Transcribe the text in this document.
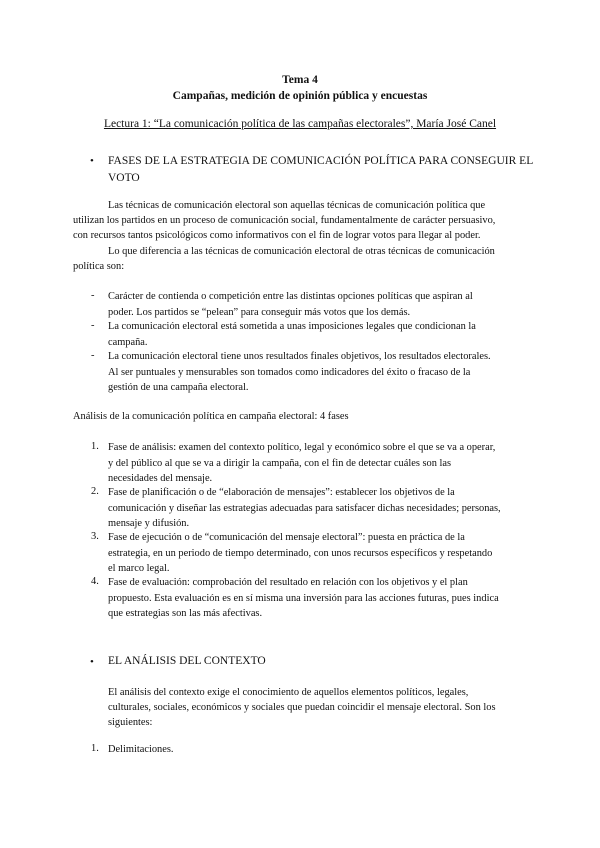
Tema 4
Campañas, medición de opinión pública y encuestas
Lectura 1: “La comunicación política de las campañas electorales”, María José Canel
• FASES DE LA ESTRATEGIA DE COMUNICACIÓN POLÍTICA PARA CONSEGUIR EL
VOTO
Las técnicas de comunicación electoral son aquellas técnicas de comunicación política que
utilizan los partidos en un proceso de comunicación social, fundamentalmente de carácter persuasivo,
con recursos tantos psicológicos como informativos con el fin de lograr votos para llegar al poder.
Lo que diferencia a las técnicas de comunicación electoral de otras técnicas de comunicación
política son:
- Carácter de contienda o competición entre las distintas opciones políticas que aspiran al
poder. Los partidos se “pelean” para conseguir más votos que los demás.
- La comunicación electoral está sometida a unas imposiciones legales que condicionan la
campaña.
- La comunicación electoral tiene unos resultados finales objetivos, los resultados electorales.
Al ser puntuales y mensurables son tomados como indicadores del éxito o fracaso de la
gestión de una campaña electoral.
Análisis de la comunicación política en campaña electoral: 4 fases
1. Fase de análisis: examen del contexto político, legal y económico sobre el que se va a operar,
y del público al que se va a dirigir la campaña, con el fin de detectar cuáles son las
necesidades del mensaje.
2. Fase de planificación o de “elaboración de mensajes”: establecer los objetivos de la
comunicación y diseñar las estrategias adecuadas para satisfacer dichas necesidades; personas,
mensaje y difusión.
3. Fase de ejecución o de “comunicación del mensaje electoral”: puesta en práctica de la
estrategia, en un periodo de tiempo determinado, con unos recursos específicos y respetando
el marco legal.
4. Fase de evaluación: comprobación del resultado en relación con los objetivos y el plan
propuesto. Esta evaluación es en sí misma una inversión para las acciones futuras, pues indica
que estrategias son las más afectivas.
• EL ANÁLISIS DEL CONTEXTO
El análisis del contexto exige el conocimiento de aquellos elementos políticos, legales,
culturales, sociales, económicos y sociales que puedan coincidir el mensaje electoral. Son los
siguientes:
1. Delimitaciones.
